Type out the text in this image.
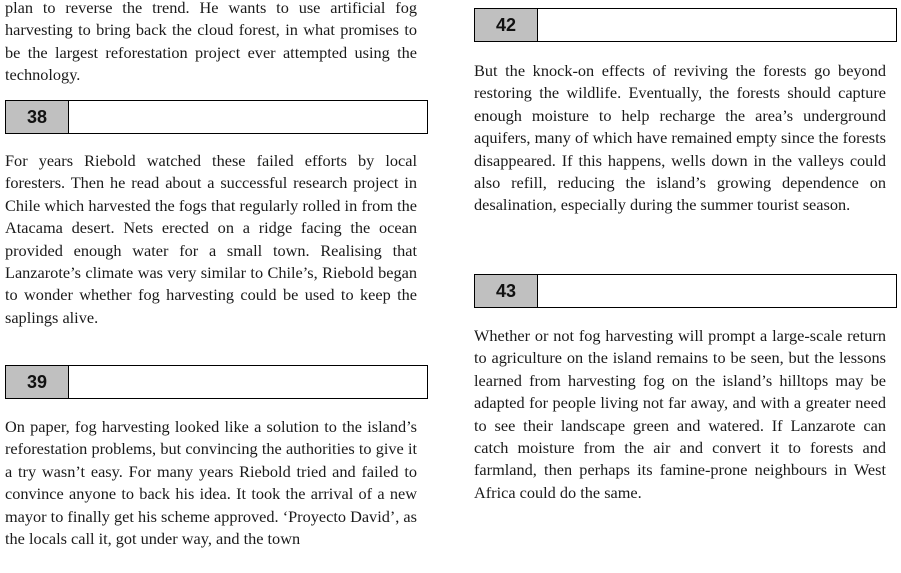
plan to reverse the trend. He wants to use artificial fog harvesting to bring back the cloud forest, in what promises to be the largest reforestation project ever attempted using the technology.

38

For years Riebold watched these failed efforts by local foresters. Then he read about a successful research project in Chile which harvested the fogs that regularly rolled in from the Atacama desert. Nets erected on a ridge facing the ocean provided enough water for a small town. Realising that Lanzarote’s climate was very similar to Chile’s, Riebold began to wonder whether fog harvesting could be used to keep the saplings alive.

39

On paper, fog harvesting looked like a solution to the island’s reforestation problems, but convincing the authorities to give it a try wasn’t easy. For many years Riebold tried and failed to convince anyone to back his idea. It took the arrival of a new mayor to finally get his scheme approved. ‘Proyecto David’, as the locals call it, got under way, and the town

42

But the knock-on effects of reviving the forests go beyond restoring the wildlife. Eventually, the forests should capture enough moisture to help recharge the area’s underground aquifers, many of which have remained empty since the forests disappeared. If this happens, wells down in the valleys could also refill, reducing the island’s growing dependence on desalination, especially during the summer tourist season.

43

Whether or not fog harvesting will prompt a large-scale return to agriculture on the island remains to be seen, but the lessons learned from harvesting fog on the island’s hilltops may be adapted for people living not far away, and with a greater need to see their landscape green and watered. If Lanzarote can catch moisture from the air and convert it to forests and farmland, then perhaps its famine-prone neighbours in West Africa could do the same.
